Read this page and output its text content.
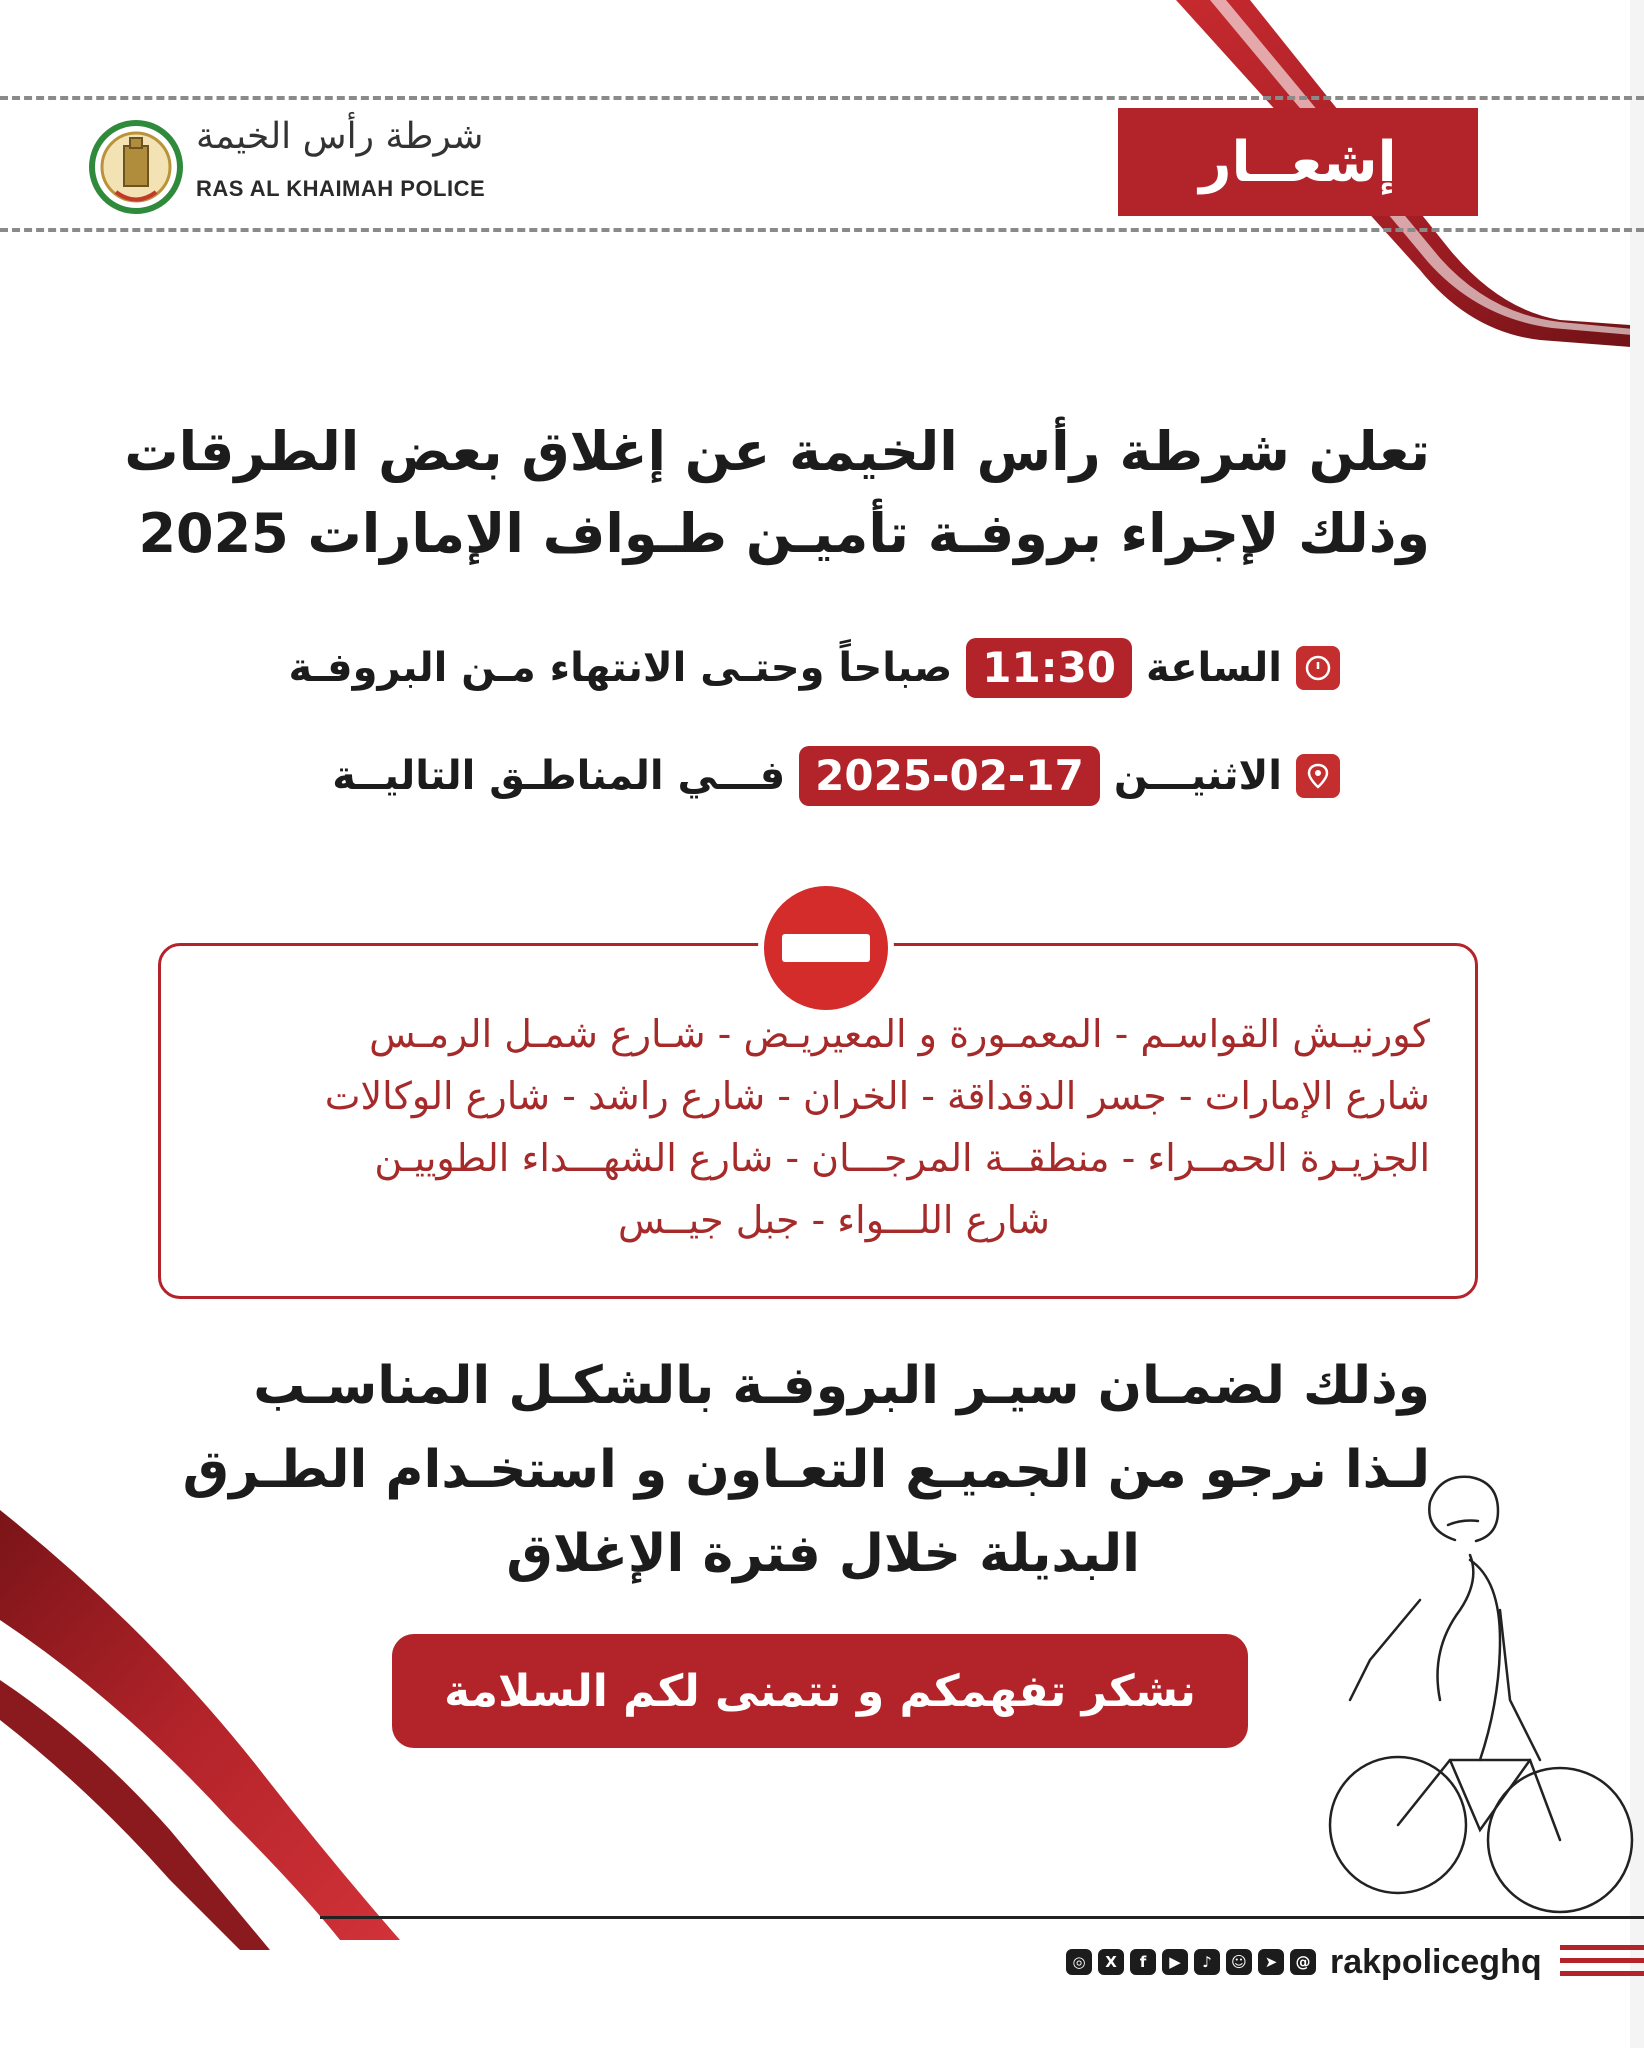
شرطة رأس الخيمة
RAS AL KHAIMAH POLICE	إشعــار
تعلن شرطة رأس الخيمة عن إغلاق بعض الطرقات
وذلك لإجراء بروفـة تأميـن طـواف الإمارات 2025
الساعة
11:30
صباحاً وحتـى الانتهاء مـن البروفـة
الاثنيـــن
2025-02-17
فـــي المناطـق التاليــة
كورنيـش القواسـم - المعمـورة و المعيريـض - شـارع شمـل الرمـس
شارع الإمارات - جسر الدقداقة - الخران - شارع راشد - شارع الوكالات
الجزيـرة الحمــراء - منطقــة المرجـــان - شارع الشهـــداء الطوييـن
شارع اللـــواء - جبل جيــس
وذلك لضمـان سيـر البروفـة بالشكـل المناسـب
لـذا نرجو من الجميـع التعـاون و استخـدام الطـرق
البديلة خلال فترة الإغلاق
نشكر تفهمكم و نتمنى لكم السلامة
◎	X	f	▶	♪	☺	➤	@ rakpoliceghq
